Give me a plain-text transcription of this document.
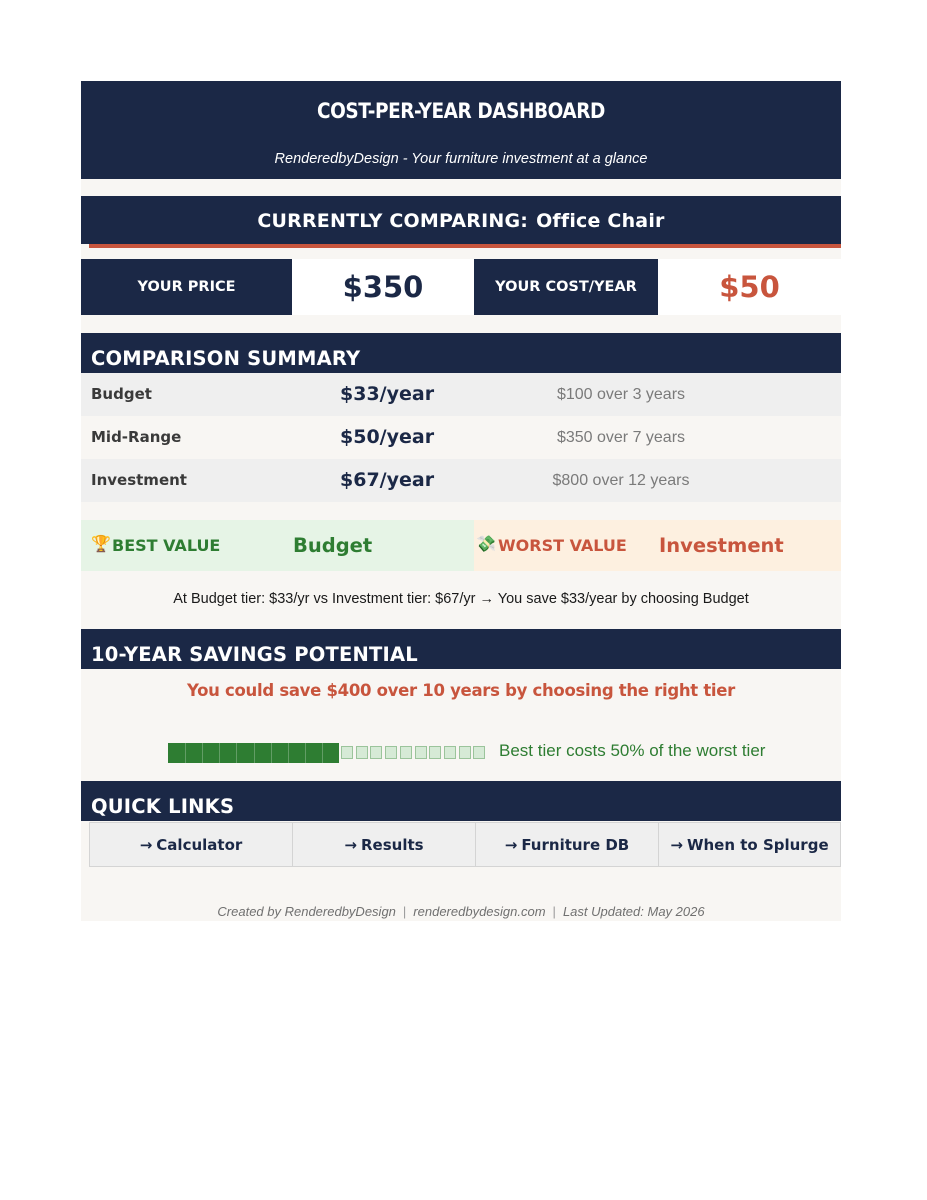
COST-PER-YEAR DASHBOARD
RenderedbyDesign - Your furniture investment at a glance
CURRENTLY COMPARING: Office Chair
YOUR PRICE	$350	YOUR COST/YEAR	$50
COMPARISON SUMMARY
Budget	$33/year	$100 over 3 years
Mid-Range	$50/year	$350 over 7 years
Investment	$67/year	$800 over 12 years
🏆 BEST VALUE	Budget	💸 WORST VALUE Investment
At Budget tier: $33/yr vs Investment tier: $67/yr → You save $33/year by choosing Budget
10-YEAR SAVINGS POTENTIAL
You could save $400 over 10 years by choosing the right tier
Best tier costs 50% of the worst tier
QUICK LINKS
→ Calculator	→ Results	→ Furniture DB	→ When to Splurge
Created by RenderedbyDesign | renderedbydesign.com | Last Updated: May 2026
